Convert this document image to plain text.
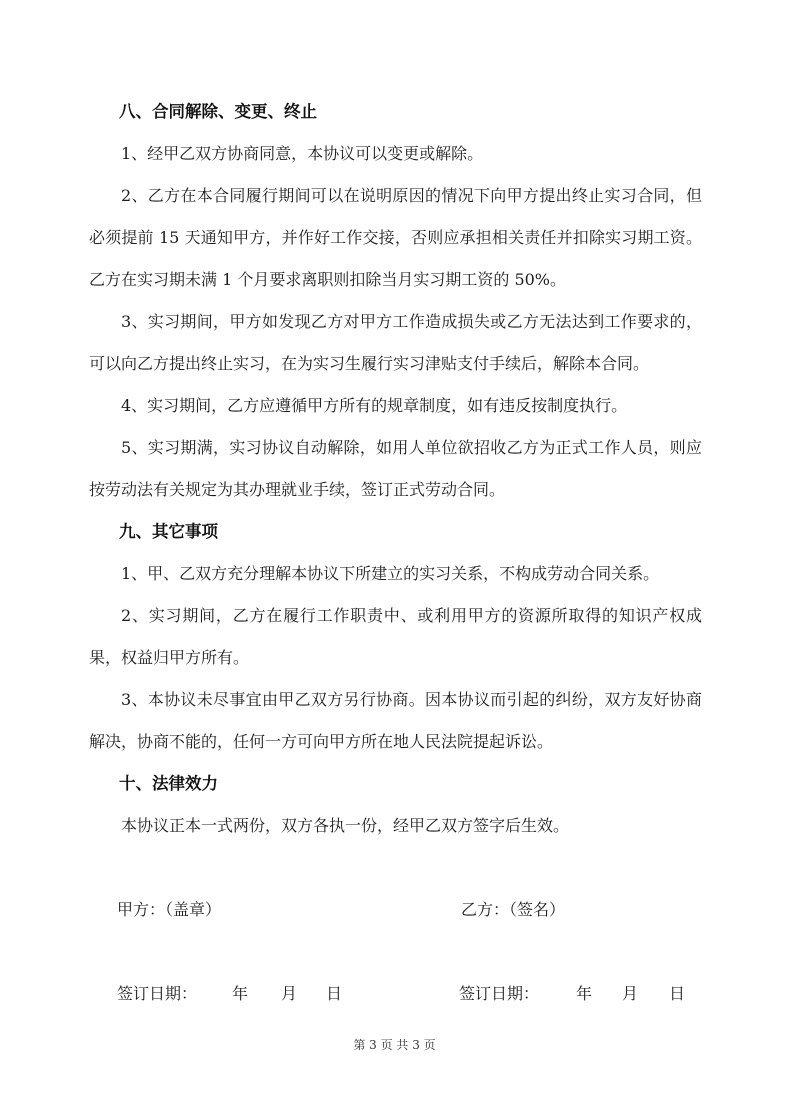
八、合同解除、变更、终止

1、经甲乙双方协商同意，本协议可以变更或解除。

2、乙方在本合同履行期间可以在说明原因的情况下向甲方提出终止实习合同，但必须提前 15 天通知甲方，并作好工作交接，否则应承担相关责任并扣除实习期工资。乙方在实习期未满 1 个月要求离职则扣除当月实习期工资的 50%。

3、实习期间，甲方如发现乙方对甲方工作造成损失或乙方无法达到工作要求的，可以向乙方提出终止实习，在为实习生履行实习津贴支付手续后，解除本合同。

4、实习期间，乙方应遵循甲方所有的规章制度，如有违反按制度执行。

5、实习期满，实习协议自动解除，如用人单位欲招收乙方为正式工作人员，则应按劳动法有关规定为其办理就业手续，签订正式劳动合同。

九、其它事项

1、甲、乙双方充分理解本协议下所建立的实习关系，不构成劳动合同关系。

2、实习期间，乙方在履行工作职责中、或利用甲方的资源所取得的知识产权成果，权益归甲方所有。

3、本协议未尽事宜由甲乙双方另行协商。因本协议而引起的纠纷，双方友好协商解决，协商不能的，任何一方可向甲方所在地人民法院提起诉讼。

十、法律效力

本协议正本一式两份，双方各执一份，经甲乙双方签字后生效。

甲方：（盖章）	乙方：（签名）
签订日期： 年 月 日	签订日期： 年 月 日
第 3 页 共 3 页
